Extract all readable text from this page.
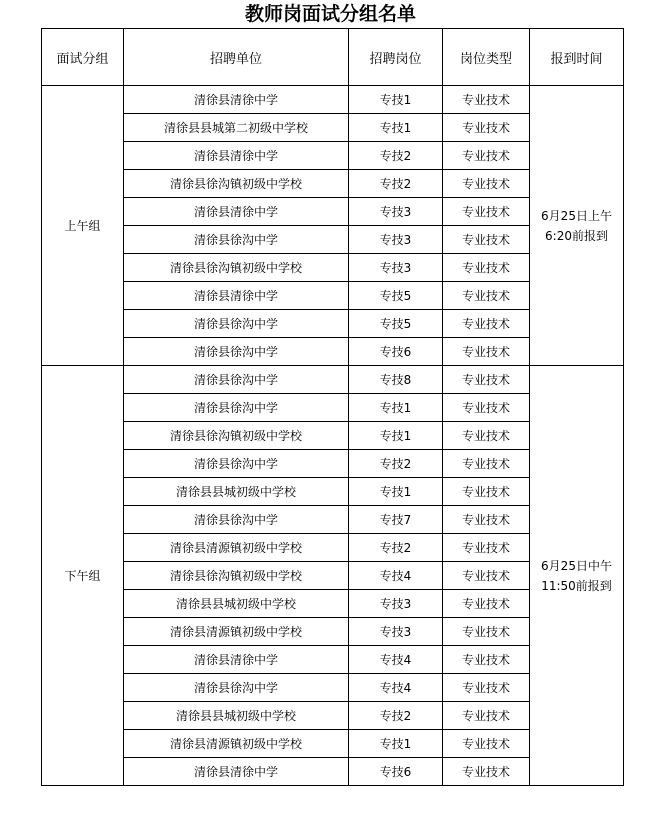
教师岗面试分组名单
面试分组	招聘单位	招聘岗位	岗位类型	报到时间
上午组	清徐县清徐中学	专技1	专业技术	6月25日上午6:20前报到
	清徐县县城第二初级中学校	专技1	专业技术	
	清徐县清徐中学	专技2	专业技术	
	清徐县徐沟镇初级中学校	专技2	专业技术	
	清徐县清徐中学	专技3	专业技术	
	清徐县徐沟中学	专技3	专业技术	
	清徐县徐沟镇初级中学校	专技3	专业技术	
	清徐县清徐中学	专技5	专业技术	
	清徐县徐沟中学	专技5	专业技术	
	清徐县徐沟中学	专技6	专业技术	
下午组	清徐县徐沟中学	专技8	专业技术	6月25日中午11:50前报到
	清徐县徐沟中学	专技1	专业技术	
	清徐县徐沟镇初级中学校	专技1	专业技术	
	清徐县徐沟中学	专技2	专业技术	
	清徐县县城初级中学校	专技1	专业技术	
	清徐县徐沟中学	专技7	专业技术	
	清徐县清源镇初级中学校	专技2	专业技术	
	清徐县徐沟镇初级中学校	专技4	专业技术	
	清徐县县城初级中学校	专技3	专业技术	
	清徐县清源镇初级中学校	专技3	专业技术	
	清徐县清徐中学	专技4	专业技术	
	清徐县徐沟中学	专技4	专业技术	
	清徐县县城初级中学校	专技2	专业技术	
	清徐县清源镇初级中学校	专技1	专业技术	
	清徐县清徐中学	专技6	专业技术	
